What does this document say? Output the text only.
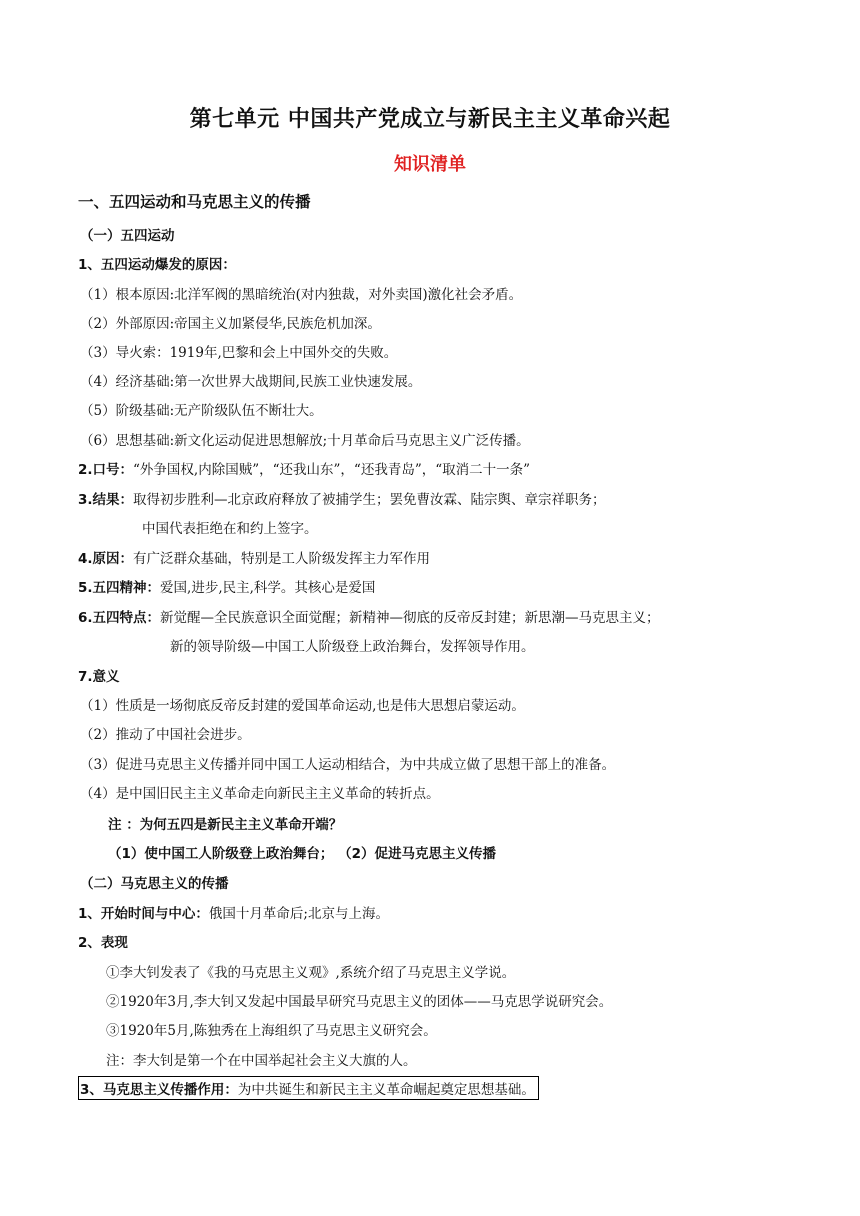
第七单元 中国共产党成立与新民主主义革命兴起
知识清单
一、五四运动和马克思主义的传播
（一）五四运动
1、五四运动爆发的原因：
（1）根本原因:北洋军阀的黑暗统治(对内独裁，对外卖国)激化社会矛盾。
（2）外部原因:帝国主义加紧侵华,民族危机加深。
（3）导火索：1919年,巴黎和会上中国外交的失败。
（4）经济基础:第一次世界大战期间,民族工业快速发展。
（5）阶级基础:无产阶级队伍不断壮大。
（6）思想基础:新文化运动促进思想解放;十月革命后马克思主义广泛传播。
2.口号：“外争国权,内除国贼”，“还我山东”，“还我青岛”，“取消二十一条”
3.结果：取得初步胜利—北京政府释放了被捕学生；罢免曹汝霖、陆宗舆、章宗祥职务；
中国代表拒绝在和约上签字。
4.原因：有广泛群众基础，特别是工人阶级发挥主力军作用
5.五四精神：爱国,进步,民主,科学。其核心是爱国
6.五四特点：新觉醒—全民族意识全面觉醒；新精神—彻底的反帝反封建；新思潮—马克思主义；
新的领导阶级—中国工人阶级登上政治舞台，发挥领导作用。
7.意义
（1）性质是一场彻底反帝反封建的爱国革命运动,也是伟大思想启蒙运动。
（2）推动了中国社会进步。
（3）促进马克思主义传播并同中国工人运动相结合，为中共成立做了思想干部上的准备。
（4）是中国旧民主主义革命走向新民主主义革命的转折点。
注 ：为何五四是新民主主义革命开端？
（1）使中国工人阶级登上政治舞台； （2）促进马克思主义传播
（二）马克思主义的传播
1、开始时间与中心：俄国十月革命后;北京与上海。
2、表现
①李大钊发表了《我的马克思主义观》,系统介绍了马克思主义学说。
②1920年3月,李大钊又发起中国最早研究马克思主义的团体——马克思学说研究会。
③1920年5月,陈独秀在上海组织了马克思主义研究会。
注：李大钊是第一个在中国举起社会主义大旗的人。
3、马克思主义传播作用：为中共诞生和新民主主义革命崛起奠定思想基础。
